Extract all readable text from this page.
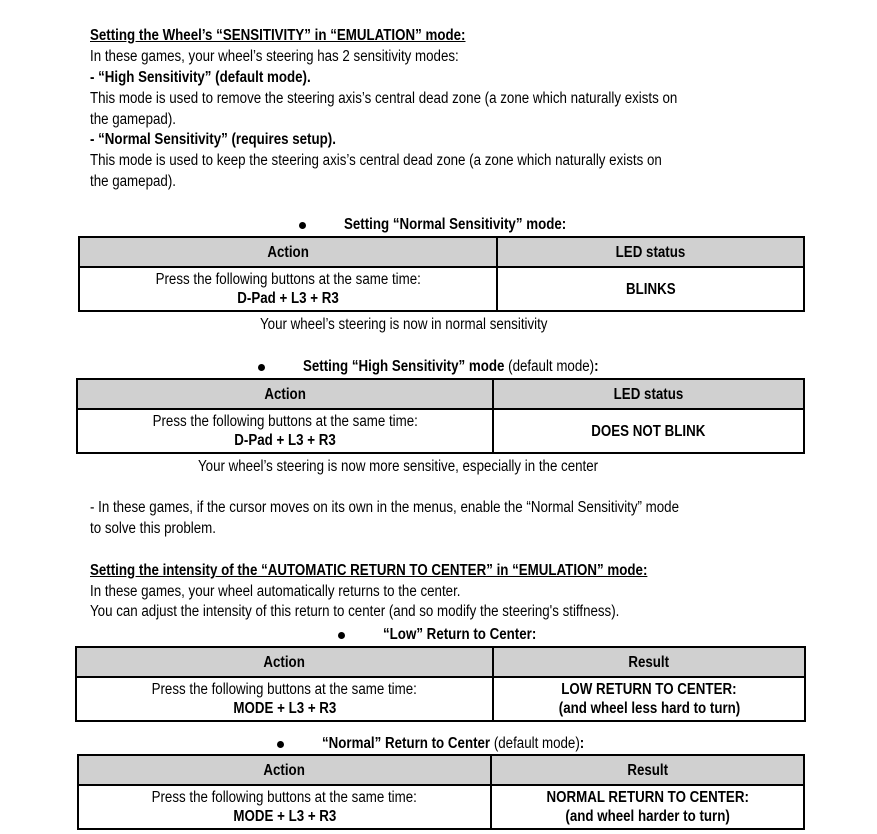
Setting the Wheel’s “SENSITIVITY” in “EMULATION” mode:
In these games, your wheel’s steering has 2 sensitivity modes:
- “High Sensitivity” (default mode).
This mode is used to remove the steering axis’s central dead zone (a zone which naturally exists on
the gamepad).
- “Normal Sensitivity” (requires setup).
This mode is used to keep the steering axis’s central dead zone (a zone which naturally exists on
the gamepad).
Setting “Normal Sensitivity” mode:
Action	LED status
Press the following buttons at the same time:
D-Pad + L3 + R3	BLINKS
Your wheel’s steering is now in normal sensitivity
Setting “High Sensitivity” mode (default mode):
Action	LED status
Press the following buttons at the same time:
D-Pad + L3 + R3	DOES NOT BLINK
Your wheel’s steering is now more sensitive, especially in the center
- In these games, if the cursor moves on its own in the menus, enable the “Normal Sensitivity” mode
to solve this problem.
Setting the intensity of the “AUTOMATIC RETURN TO CENTER” in “EMULATION” mode:
In these games, your wheel automatically returns to the center.
You can adjust the intensity of this return to center (and so modify the steering's stiffness).
“Low” Return to Center:
Action	Result
Press the following buttons at the same time:
MODE + L3 + R3	LOW RETURN TO CENTER:
(and wheel less hard to turn)
“Normal” Return to Center (default mode):
Action	Result
Press the following buttons at the same time:
MODE + L3 + R3	NORMAL RETURN TO CENTER:
(and wheel harder to turn)
